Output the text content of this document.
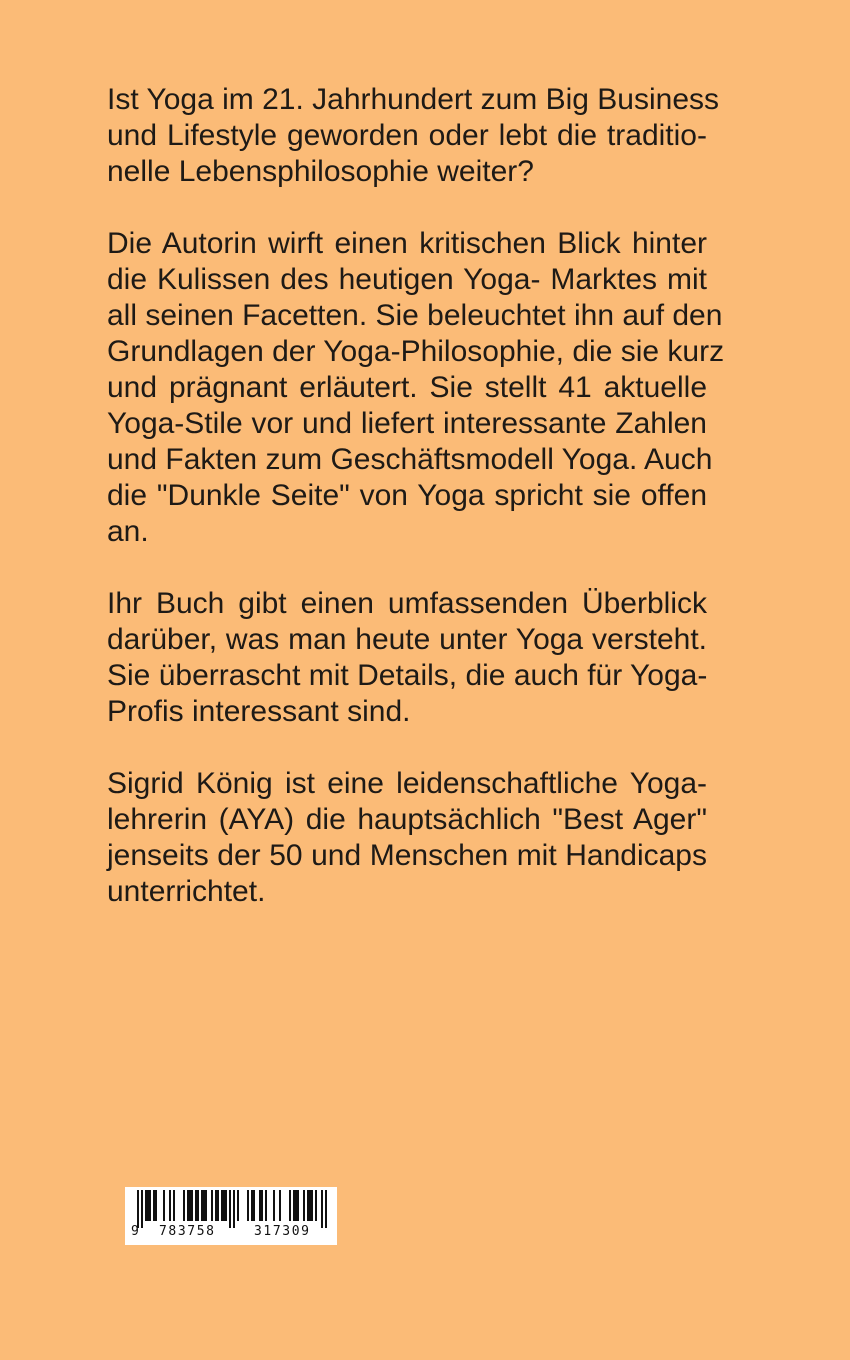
Ist Yoga im 21. Jahrhundert zum Big Business
und Lifestyle geworden oder lebt die traditio-
nelle Lebensphilosophie weiter?

Die Autorin wirft einen kritischen Blick hinter
die Kulissen des heutigen Yoga- Marktes mit
all seinen Facetten. Sie beleuchtet ihn auf den
Grundlagen der Yoga-Philosophie, die sie kurz
und prägnant erläutert. Sie stellt 41 aktuelle
Yoga-Stile vor und liefert interessante Zahlen
und Fakten zum Geschäftsmodell Yoga. Auch
die "Dunkle Seite" von Yoga spricht sie offen
an.

Ihr Buch gibt einen umfassenden Überblick
darüber, was man heute unter Yoga versteht.
Sie überrascht mit Details, die auch für Yoga-
Profis interessant sind.

Sigrid König ist eine leidenschaftliche Yoga-
lehrerin (AYA) die hauptsächlich "Best Ager"
jenseits der 50 und Menschen mit Handicaps
unterrichtet.

9 783758	317309
